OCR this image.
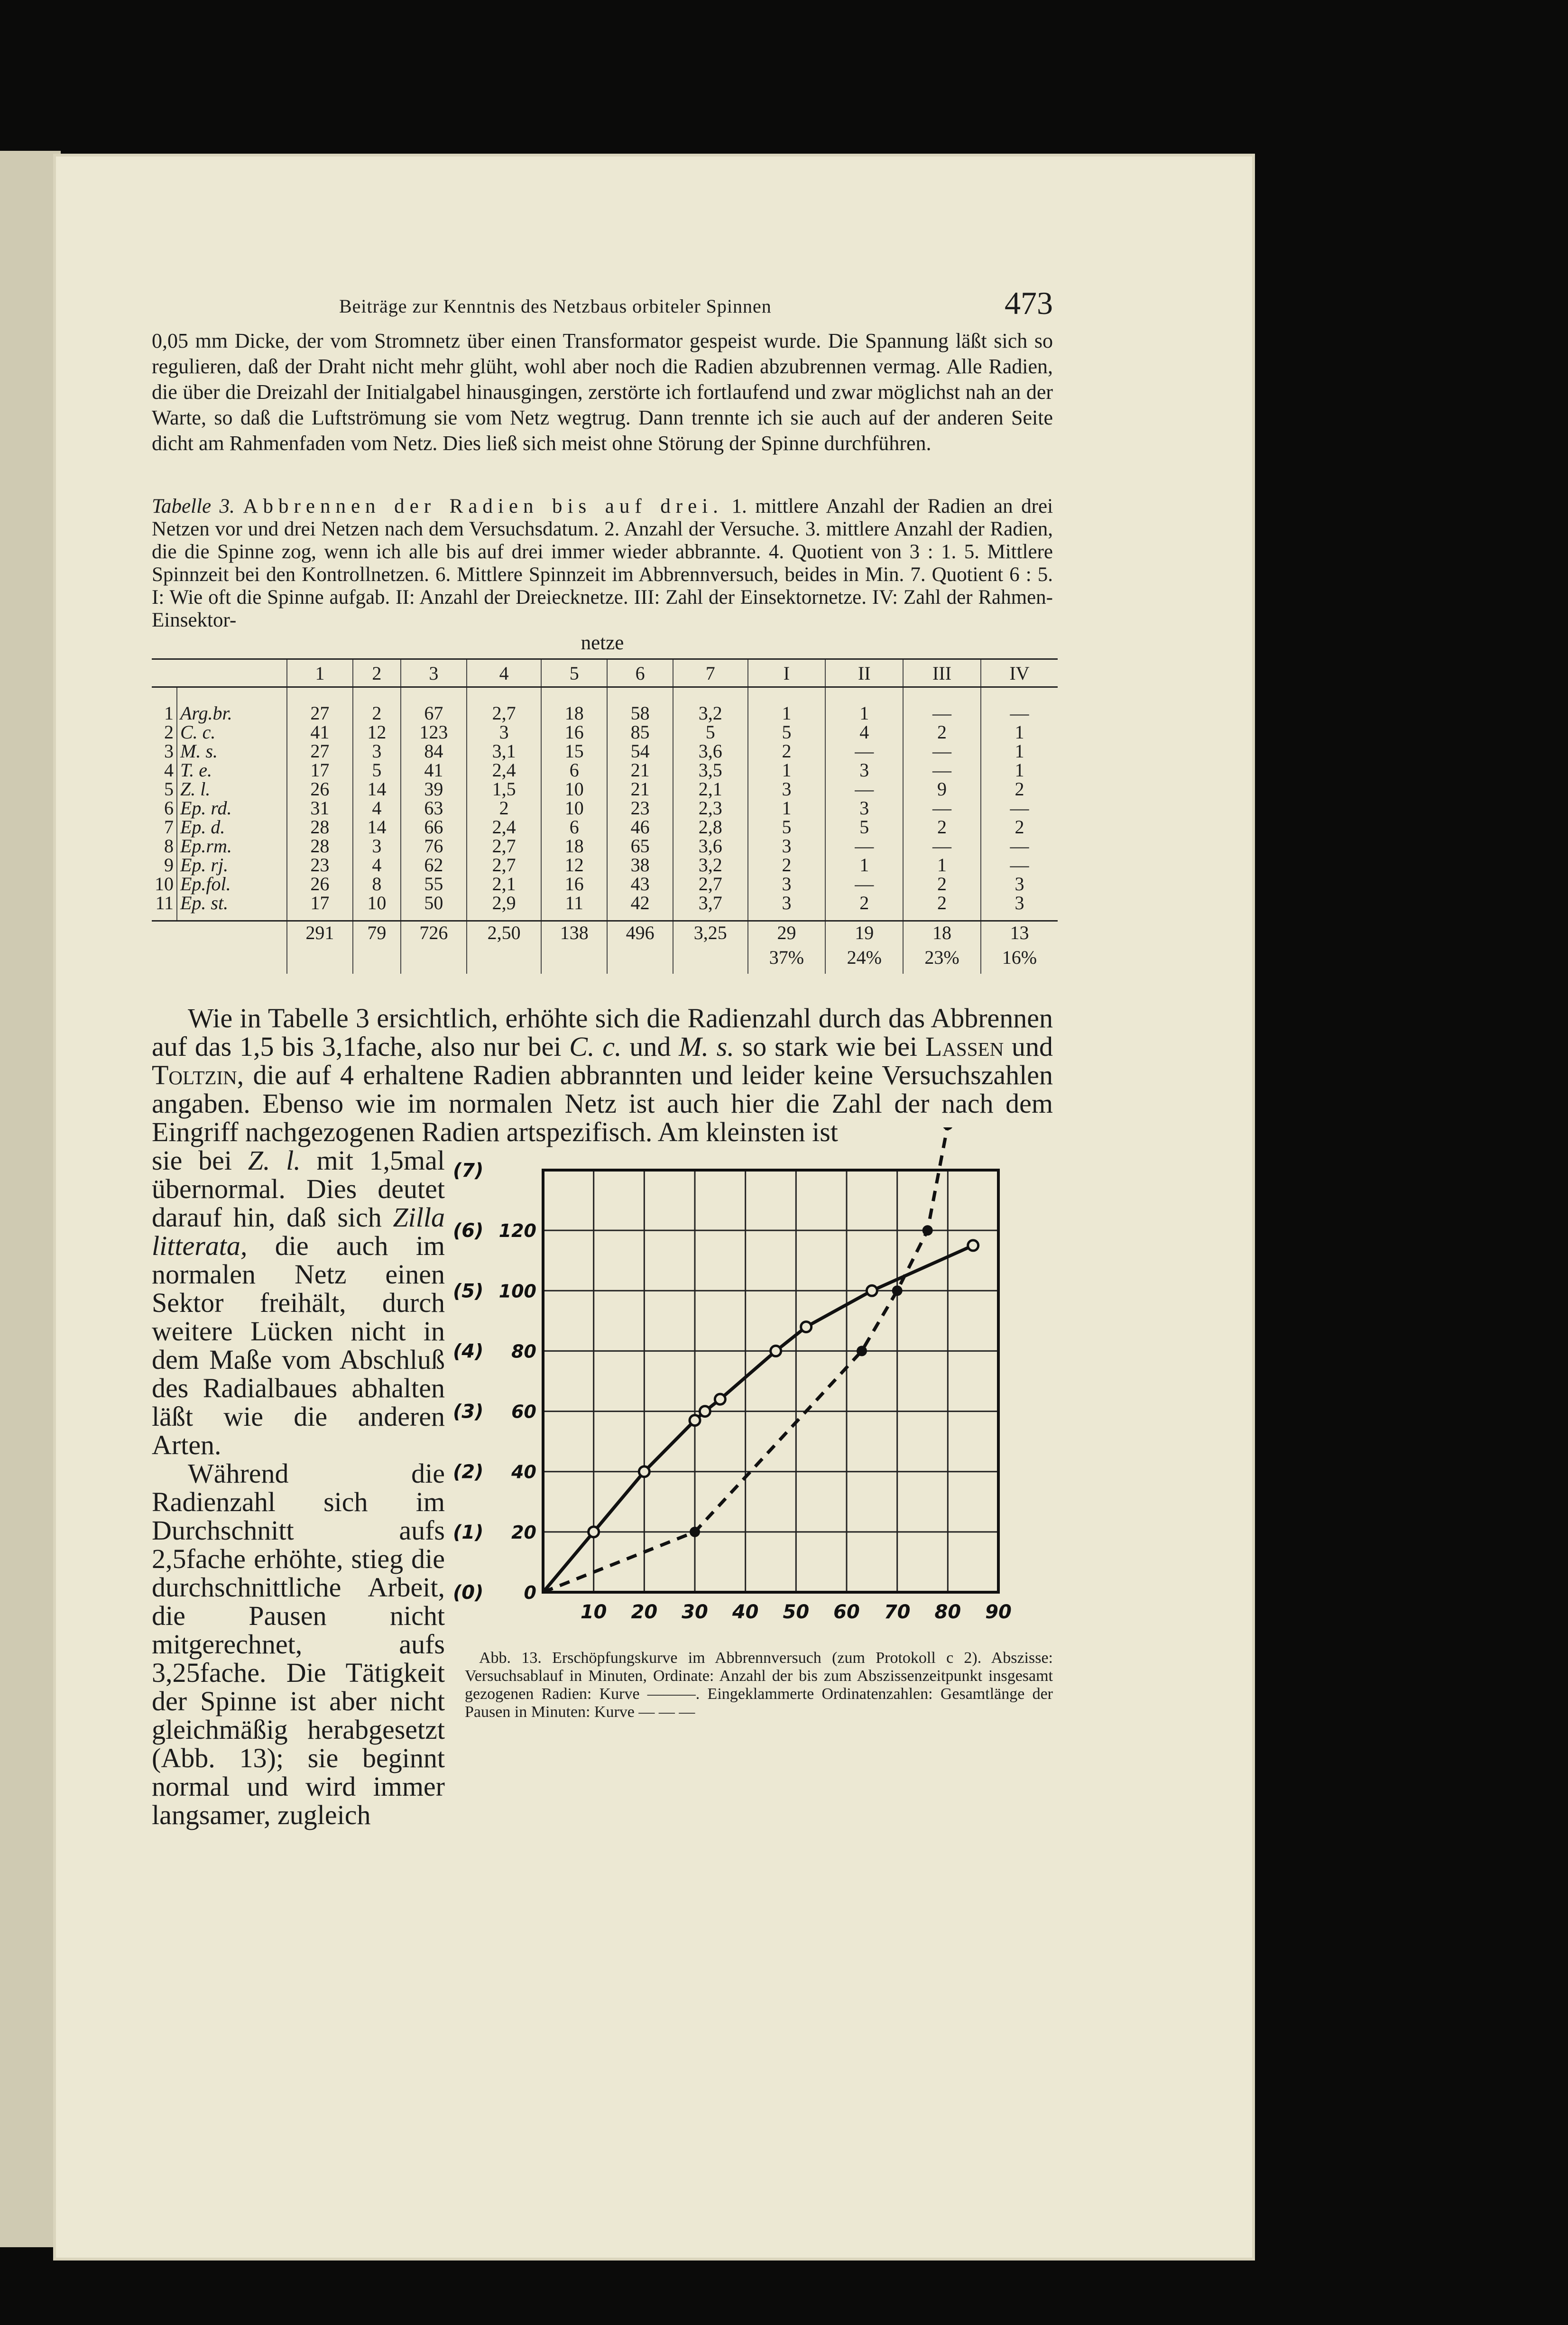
Beiträge zur Kenntnis des Netzbaus orbiteler Spinnen	473

0,05 mm Dicke, der vom Stromnetz über einen Transformator gespeist wurde. Die Spannung läßt sich so regulieren, daß der Draht nicht mehr glüht, wohl aber noch die Radien abzubrennen vermag. Alle Radien, die über die Dreizahl der Initialgabel hinausgingen, zerstörte ich fortlaufend und zwar möglichst nah an der Warte, so daß die Luftströmung sie vom Netz wegtrug. Dann trennte ich sie auch auf der anderen Seite dicht am Rahmenfaden vom Netz. Dies ließ sich meist ohne Störung der Spinne durchführen.

Tabelle 3. Abbrennen der Radien bis auf drei. 1. mittlere Anzahl der Radien an drei Netzen vor und drei Netzen nach dem Versuchsdatum. 2. Anzahl der Versuche. 3. mittlere Anzahl der Radien, die die Spinne zog, wenn ich alle bis auf drei immer wieder abbrannte. 4. Quotient von 3 : 1. 5. Mittlere Spinnzeit bei den Kontrollnetzen. 6. Mittlere Spinnzeit im Abbrennversuch, beides in Min. 7. Quotient 6 : 5. I: Wie oft die Spinne aufgab. II: Anzahl der Dreiecknetze. III: Zahl der Einsektornetze. IV: Zahl der Rahmen-Einsektor-
netze
		1	2	3	4	5	6	7	I	II	III	IV
1	Arg.br.	27	2	67	2,7	18	58	3,2	1	1	—	—
2	C. c.	41	12	123	3	16	85	5	5	4	2	1
3	M. s.	27	3	84	3,1	15	54	3,6	2	—	—	1
4	T. e.	17	5	41	2,4	6	21	3,5	1	3	—	1
5	Z. l.	26	14	39	1,5	10	21	2,1	3	—	9	2
6	Ep. rd.	31	4	63	2	10	23	2,3	1	3	—	—
7	Ep. d.	28	14	66	2,4	6	46	2,8	5	5	2	2
8	Ep.rm.	28	3	76	2,7	18	65	3,6	3	—	—	—
9	Ep. rj.	23	4	62	2,7	12	38	3,2	2	1	1	—
10	Ep.fol.	26	8	55	2,1	16	43	2,7	3	—	2	3
11	Ep. st.	17	10	50	2,9	11	42	3,7	3	2	2	3
		291	79	726	2,50	138	496	3,25	29	19	18	13
									37%	24%	23%	16%

Wie in Tabelle 3 ersichtlich, erhöhte sich die Radienzahl durch das Abbrennen auf das 1,5 bis 3,1fache, also nur bei C. c. und M. s. so stark wie bei Lassen und Toltzin, die auf 4 erhaltene Radien abbrannten und leider keine Versuchszahlen angaben. Ebenso wie im normalen Netz ist auch hier die Zahl der nach dem Eingriff nachgezogenen Radien artspezifisch. Am kleinsten ist

sie bei Z. l. mit 1,5mal übernormal. Dies deutet darauf hin, daß sich Zilla litterata, die auch im normalen Netz einen Sektor freihält, durch weitere Lücken nicht in dem Maße vom Abschluß des Radialbaues abhalten läßt wie die anderen Arten.

Während die Radienzahl sich im Durchschnitt aufs 2,5fache erhöhte, stieg die durchschnittliche Arbeit, die Pausen nicht mitgerechnet, aufs 3,25fache. Die Tätigkeit der Spinne ist aber nicht gleichmäßig herabgesetzt (Abb. 13); sie beginnt normal und wird immer langsamer, zugleich

10 20 30 40 50 60 70 80 90
0
20
40
60
80
100
120
(0)
(1)
(2)
(3)
(4)
(5)
(6)
(7)
Abb. 13. Erschöpfungskurve im Abbrennversuch (zum Protokoll c 2). Abszisse: Versuchsablauf in Minuten, Ordinate: Anzahl der bis zum Abszissenzeitpunkt insgesamt gezogenen Radien: Kurve ———. Eingeklammerte Ordinatenzahlen: Gesamtlänge der Pausen in Minuten: Kurve — — —
